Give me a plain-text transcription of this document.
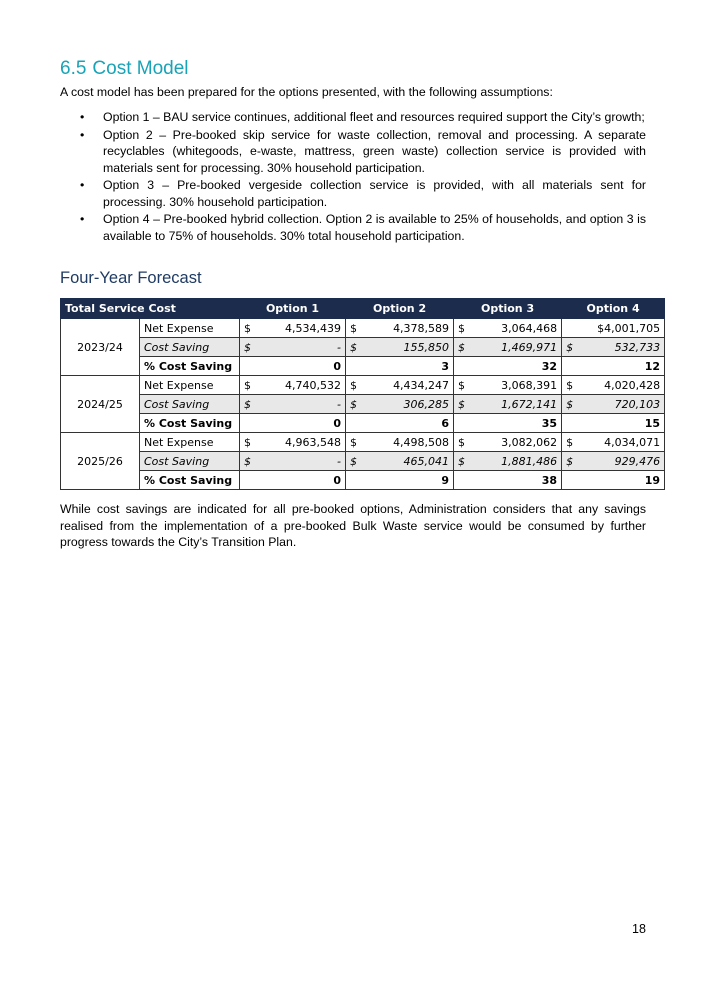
6.5 Cost Model

A cost model has been prepared for the options presented, with the following assumptions:

• Option 1 – BAU service continues, additional fleet and resources required support the City’s growth;
• Option 2 – Pre-booked skip service for waste collection, removal and processing. A separate recyclables (whitegoods, e-waste, mattress, green waste) collection service is provided with materials sent for processing. 30% household participation.
• Option 3 – Pre-booked vergeside collection service is provided, with all materials sent for processing. 30% household participation.
• Option 4 – Pre-booked hybrid collection. Option 2 is available to 25% of households, and option 3 is available to 75% of households. 30% total household participation.
Four-Year Forecast
Total Service Cost		Option 1		Option 2		Option 3		Option 4	
2023/24	Net Expense	$	4,534,439	$	4,378,589	$	3,064,468		$4,001,705
	Cost Saving	$	-	$	155,850	$	1,469,971	$	532,733
	% Cost Saving	0		3		32		12	
2024/25	Net Expense	$	4,740,532	$	4,434,247	$	3,068,391	$	4,020,428
	Cost Saving	$	-	$	306,285	$	1,672,141	$	720,103
	% Cost Saving	0		6		35		15	
2025/26	Net Expense	$	4,963,548	$	4,498,508	$	3,082,062	$	4,034,071
	Cost Saving	$	-	$	465,041	$	1,881,486	$	929,476
	% Cost Saving	0		9		38		19	

While cost savings are indicated for all pre-booked options, Administration considers that any savings realised from the implementation of a pre-booked Bulk Waste service would be consumed by further progress towards the City’s Transition Plan.

18
